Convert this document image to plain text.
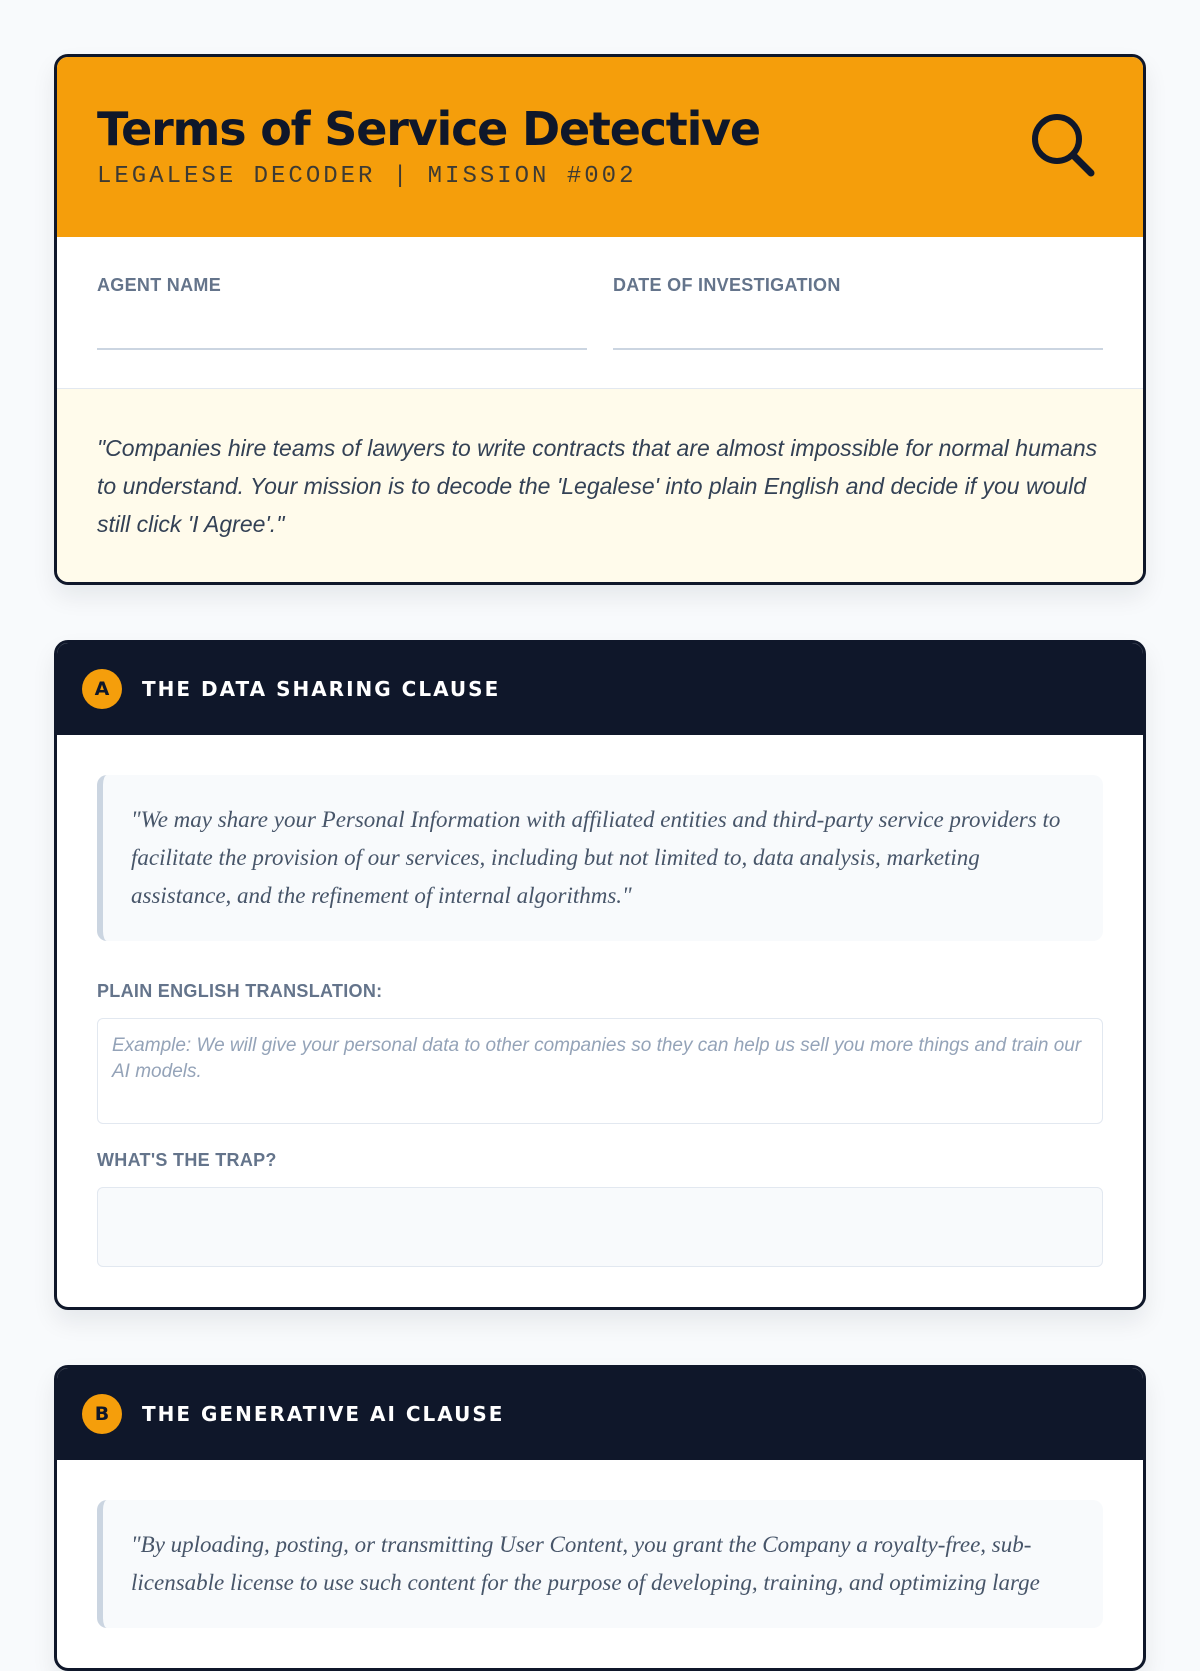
Terms of Service Detective
LEGALESE DECODER | MISSION #002
AGENT NAME	DATE OF INVESTIGATION
"Companies hire teams of lawyers to write contracts that are almost impossible for normal humans to understand. Your mission is to decode the 'Legalese' into plain English and decide if you would still click 'I Agree'."
A	THE DATA SHARING CLAUSE
"We may share your Personal Information with affiliated entities and third-party service providers to facilitate the provision of our services, including but not limited to, data analysis, marketing assistance, and the refinement of internal algorithms."
PLAIN ENGLISH TRANSLATION:
Example: We will give your personal data to other companies so they can help us sell you more things and train our AI models.
WHAT'S THE TRAP?
B	THE GENERATIVE AI CLAUSE
"By uploading, posting, or transmitting User Content, you grant the Company a royalty-free, sub-licensable license to use such content for the purpose of developing, training, and optimizing large
